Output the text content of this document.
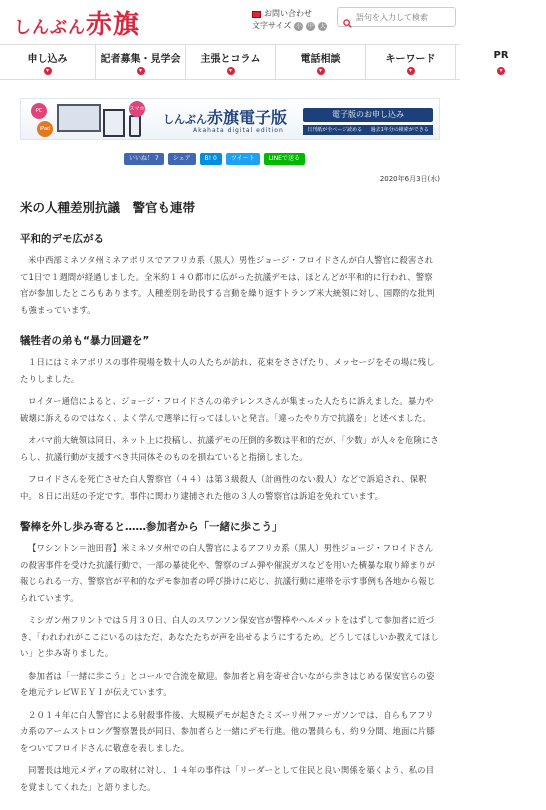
しんぶん赤旗	お問い合わせ
文字サイズ 小 中 大
語句を入力して検索
申し込み
▾
記者募集・見学会
▾
主張とコラム
▾
電話相談
▾
キーワード
▾
PR
▾
PC
iPad
スマホ
しんぶん赤旗電子版
Akahata digital edition
電子版のお申し込み
日刊紙が全ページ読める 過去1年分の検索ができる
いいね！ 7	シェア	B! 0	ツイート	LINEで送る
2020年6月3日(水)
米の人種差別抗議　警官も連帯
平和的デモ広がる

米中西部ミネソタ州ミネアポリスでアフリカ系（黒人）男性ジョージ・フロイドさんが白人警官に殺害されて1日で１週間が経過しました。全米約１４０都市に広がった抗議デモは、ほとんどが平和的に行われ、警察官が参加したところもあります。人種差別を助長する言動を繰り返すトランプ米大統領に対し、国際的な批判も強まっています。

犠牲者の弟も“暴力回避を”

１日にはミネアポリスの事件現場を数十人の人たちが訪れ、花束をささげたり、メッセージをその場に残したりしました。

ロイター通信によると、ジョージ・フロイドさんの弟テレンスさんが集まった人たちに訴えました。暴力や破壊に訴えるのではなく、よく学んで選挙に行ってほしいと発言。「違ったやり方で抗議を」と述べました。

オバマ前大統領は同日、ネット上に投稿し、抗議デモの圧倒的多数は平和的だが、「少数」が人々を危険にさらし、抗議行動が支援すべき共同体そのものを損ねていると指摘しました。

フロイドさんを死亡させた白人警察官（４４）は第３級殺人（計画性のない殺人）などで訴追され、保釈中。８日に出廷の予定です。事件に関わり逮捕された他の３人の警察官は訴追を免れています。

警棒を外し歩み寄ると……参加者から「一緒に歩こう」

【ワシントン＝池田晋】米ミネソタ州での白人警官によるアフリカ系（黒人）男性ジョージ・フロイドさんの殺害事件を受けた抗議行動で、一部の暴徒化や、警察のゴム弾や催涙ガスなどを用いた横暴な取り締まりが報じられる一方、警察官が平和的なデモ参加者の呼び掛けに応じ、抗議行動に連帯を示す事例も各地から報じられています。

ミシガン州フリントでは５月３０日、白人のスワンソン保安官が警棒やヘルメットをはずして参加者に近づき、「われわれがここにいるのはただ、あなたたちが声を出せるようにするため。どうしてほしいか教えてほしい」と歩み寄りました。

参加者は「一緒に歩こう」とコールで合流を歓迎。参加者と肩を寄せ合いながら歩きはじめる保安官らの姿を地元テレビＷＥＹＩが伝えています。

２０１４年に白人警官による射殺事件後、大規模デモが起きたミズーリ州ファーガソンでは、自らもアフリカ系のアームストロング警察署長が同日、参加者らと一緒にデモ行進。他の署員らも、約９分間、地面に片膝をついてフロイドさんに敬意を表しました。

同署長は地元メディアの取材に対し、１４年の事件は「リーダーとして住民と良い関係を築くよう、私の目を覚ましてくれた」と語りました。
